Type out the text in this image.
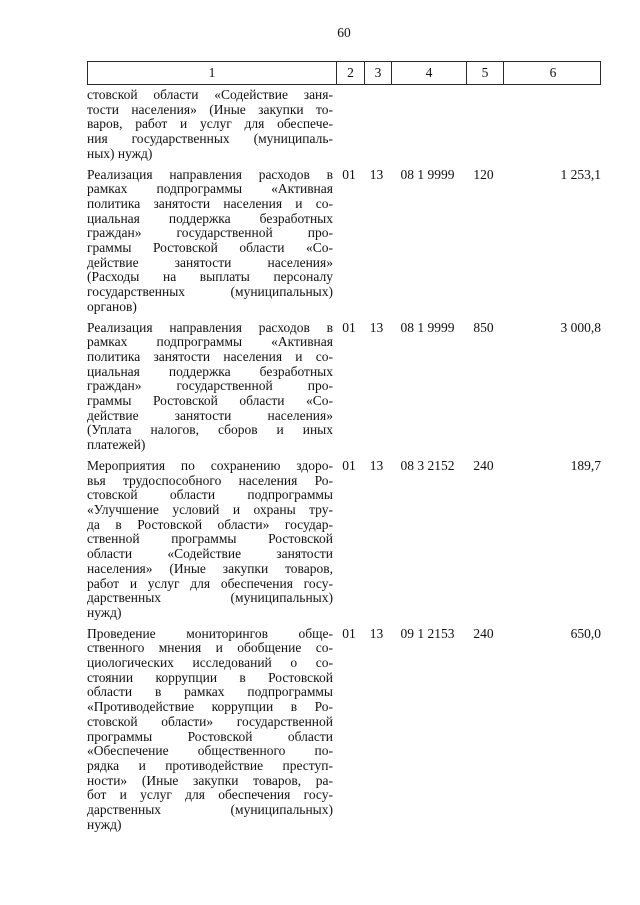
60
1	2	3	4	5	6
стовской области «Содействие заня-
тости населения» (Иные закупки то-
варов, работ и услуг для обеспече-
ния государственных (муниципаль-
ных) нужд)
Реализация направления расходов в
рамках подпрограммы «Активная
политика занятости населения и со-
циальная поддержка безработных
граждан» государственной про-
граммы Ростовской области «Со-
действие занятости населения»
(Расходы на выплаты персоналу
государственных (муниципальных)
органов)
01	13	08 1 9999	120	1 253,1
Реализация направления расходов в
рамках подпрограммы «Активная
политика занятости населения и со-
циальная поддержка безработных
граждан» государственной про-
граммы Ростовской области «Со-
действие занятости населения»
(Уплата налогов, сборов и иных
платежей)
01	13	08 1 9999	850	3 000,8
Мероприятия по сохранению здоро-
вья трудоспособного населения Ро-
стовской области подпрограммы
«Улучшение условий и охраны тру-
да в Ростовской области» государ-
ственной программы Ростовской
области «Содействие занятости
населения» (Иные закупки товаров,
работ и услуг для обеспечения госу-
дарственных (муниципальных)
нужд)
01	13	08 3 2152	240	189,7
Проведение мониторингов обще-
ственного мнения и обобщение со-
циологических исследований о со-
стоянии коррупции в Ростовской
области в рамках подпрограммы
«Противодействие коррупции в Ро-
стовской области» государственной
программы Ростовской области
«Обеспечение общественного по-
рядка и противодействие преступ-
ности» (Иные закупки товаров, ра-
бот и услуг для обеспечения госу-
дарственных (муниципальных)
нужд)
01	13	09 1 2153	240	650,0
